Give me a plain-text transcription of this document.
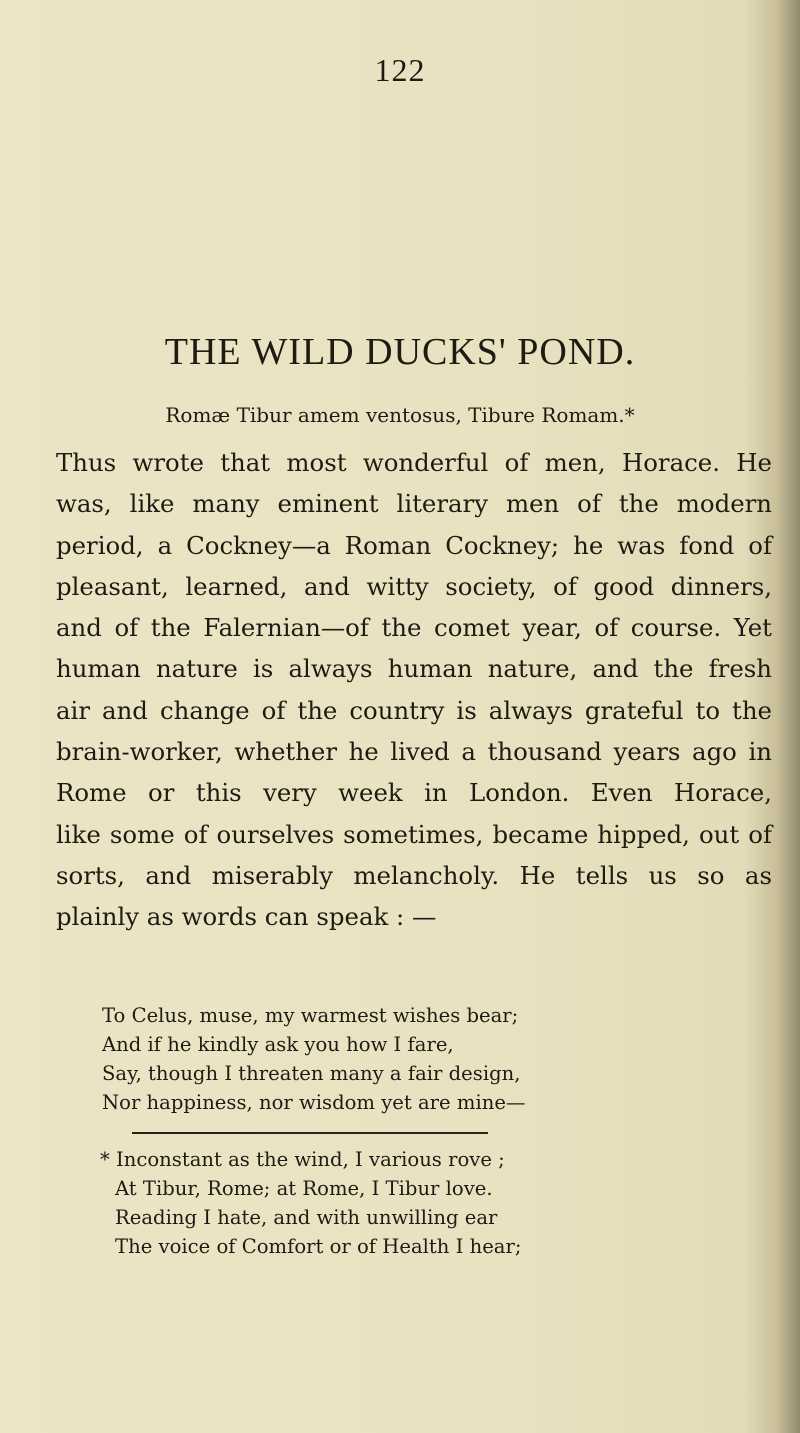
122
THE WILD DUCKS' POND.
Romæ Tibur amem ventosus, Tibure Romam.*
Thus wrote that most wonderful of men, Horace. He
was, like many eminent literary men of the modern
period, a Cockney—a Roman Cockney; he was fond of
pleasant, learned, and witty society, of good dinners,
and of the Falernian—of the comet year, of course. Yet
human nature is always human nature, and the fresh
air and change of the country is always grateful to the
brain-worker, whether he lived a thousand years ago in
Rome or this very week in London. Even Horace,
like some of ourselves sometimes, became hipped, out of
sorts, and miserably melancholy. He tells us so as
plainly as words can speak : —
To Celus, muse, my warmest wishes bear;
And if he kindly ask you how I fare,
Say, though I threaten many a fair design,
Nor happiness, nor wisdom yet are mine—
* Inconstant as the wind, I various rove ;
At Tibur, Rome; at Rome, I Tibur love.
Reading I hate, and with unwilling ear
The voice of Comfort or of Health I hear;
